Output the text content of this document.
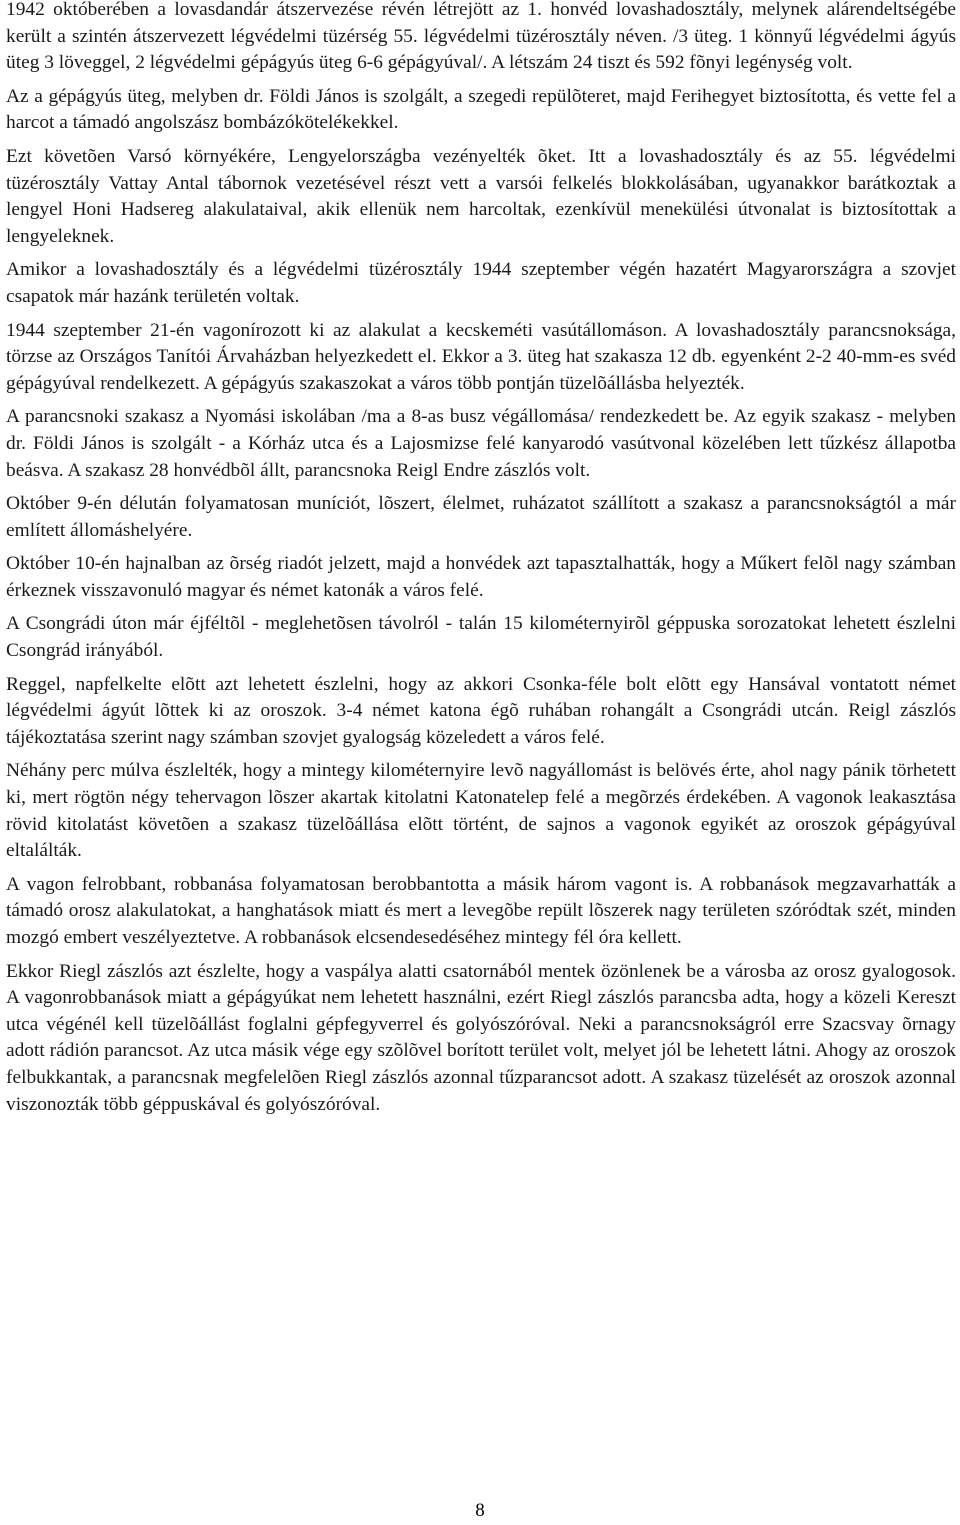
1942 októberében a lovasdandár átszervezése révén létrejött az 1. honvéd lovashadosztály, melynek alárendeltségébe került a szintén átszervezett légvédelmi tüzérség 55. légvédelmi tüzérosztály néven. /3 üteg. 1 könnyű légvédelmi ágyús üteg 3 löveggel, 2 légvédelmi gépágyús üteg 6-6 gépágyúval/. A létszám 24 tiszt és 592 fõnyi legénység volt.

Az a gépágyús üteg, melyben dr. Földi János is szolgált, a szegedi repülõteret, majd Ferihegyet biztosította, és vette fel a harcot a támadó angolszász bombázókötelékekkel.

Ezt követõen Varsó környékére, Lengyelországba vezényelték õket. Itt a lovashadosztály és az 55. légvédelmi tüzérosztály Vattay Antal tábornok vezetésével részt vett a varsói felkelés blokkolásában, ugyanakkor barátkoztak a lengyel Honi Hadsereg alakulataival, akik ellenük nem harcoltak, ezenkívül menekülési útvonalat is biztosítottak a lengyeleknek.

Amikor a lovashadosztály és a légvédelmi tüzérosztály 1944 szeptember végén hazatért Magyarországra a szovjet csapatok már hazánk területén voltak.

1944 szeptember 21-én vagonírozott ki az alakulat a kecskeméti vasútállomáson. A lovashadosztály parancsnoksága, törzse az Országos Tanítói Árvaházban helyezkedett el. Ekkor a 3. üteg hat szakasza 12 db. egyenként 2-2 40-mm-es svéd gépágyúval rendelkezett. A gépágyús szakaszokat a város több pontján tüzelõállásba helyezték.

A parancsnoki szakasz a Nyomási iskolában /ma a 8-as busz végállomása/ rendezkedett be. Az egyik szakasz - melyben dr. Földi János is szolgált - a Kórház utca és a Lajosmizse felé kanyarodó vasútvonal közelében lett tűzkész állapotba beásva. A szakasz 28 honvédbõl állt, parancsnoka Reigl Endre zászlós volt.

Október 9-én délután folyamatosan muníciót, lõszert, élelmet, ruházatot szállított a szakasz a parancsnokságtól a már említett állomáshelyére.

Október 10-én hajnalban az õrség riadót jelzett, majd a honvédek azt tapasztalhatták, hogy a Műkert felõl nagy számban érkeznek visszavonuló magyar és német katonák a város felé.

A Csongrádi úton már éjféltõl - meglehetõsen távolról - talán 15 kilométernyirõl géppuska sorozatokat lehetett észlelni Csongrád irányából.

Reggel, napfelkelte elõtt azt lehetett észlelni, hogy az akkori Csonka-féle bolt elõtt egy Hansával vontatott német légvédelmi ágyút lõttek ki az oroszok. 3-4 német katona égõ ruhában rohangált a Csongrádi utcán. Reigl zászlós tájékoztatása szerint nagy számban szovjet gyalogság közeledett a város felé.

Néhány perc múlva észlelték, hogy a mintegy kilométernyire levõ nagyállomást is belövés érte, ahol nagy pánik törhetett ki, mert rögtön négy tehervagon lõszer akartak kitolatni Katonatelep felé a megõrzés érdekében. A vagonok leakasztása rövid kitolatást követõen a szakasz tüzelõállása elõtt történt, de sajnos a vagonok egyikét az oroszok gépágyúval eltalálták.

A vagon felrobbant, robbanása folyamatosan berobbantotta a másik három vagont is. A robbanások megzavarhatták a támadó orosz alakulatokat, a hanghatások miatt és mert a levegõbe repült lõszerek nagy területen szóródtak szét, minden mozgó embert veszélyeztetve. A robbanások elcsendesedéséhez mintegy fél óra kellett.

Ekkor Riegl zászlós azt észlelte, hogy a vaspálya alatti csatornából mentek özönlenek be a városba az orosz gyalogosok. A vagonrobbanások miatt a gépágyúkat nem lehetett használni, ezért Riegl zászlós parancsba adta, hogy a közeli Kereszt utca végénél kell tüzelõállást foglalni gépfegyverrel és golyószóróval. Neki a parancsnokságról erre Szacsvay õrnagy adott rádión parancsot. Az utca másik vége egy szõlõvel borított terület volt, melyet jól be lehetett látni. Ahogy az oroszok felbukkantak, a parancsnak megfelelõen Riegl zászlós azonnal tűzparancsot adott. A szakasz tüzelését az oroszok azonnal viszonozták több géppuskával és golyószóróval.

8
